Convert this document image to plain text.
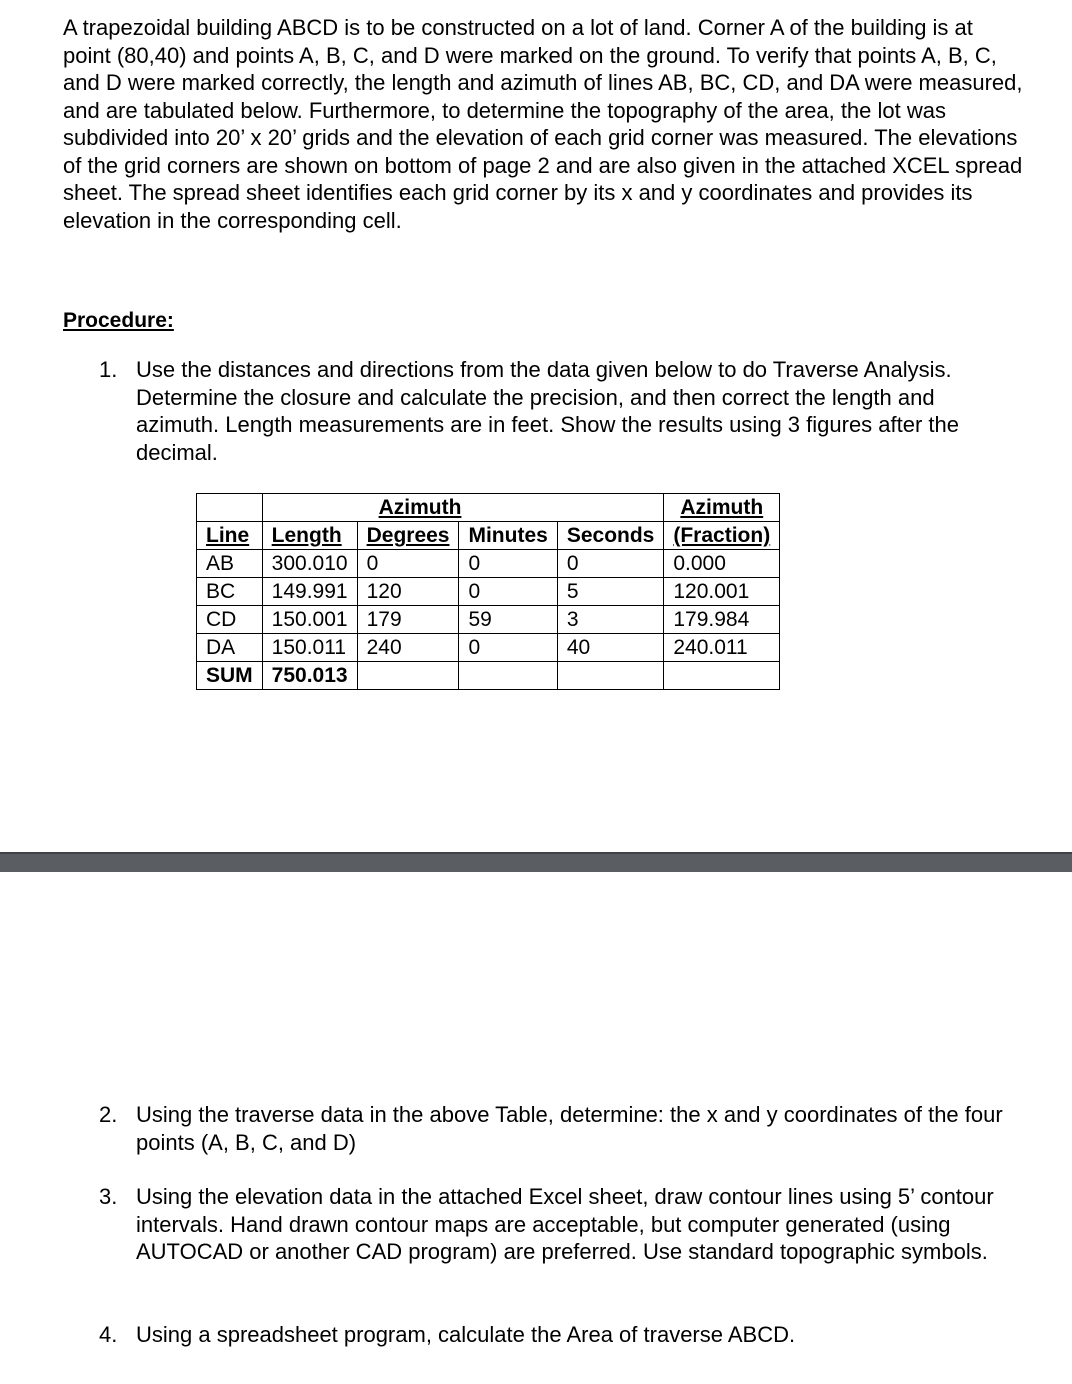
A trapezoidal building ABCD is to be constructed on a lot of land. Corner A of the building is at point (80,40) and points A, B, C, and D were marked on the ground. To verify that points A, B, C, and D were marked correctly, the length and azimuth of lines AB, BC, CD, and DA were measured, and are tabulated below. Furthermore, to determine the topography of the area, the lot was subdivided into 20’ x 20’ grids and the elevation of each grid corner was measured. The elevations of the grid corners are shown on bottom of page 2 and are also given in the attached XCEL spread sheet. The spread sheet identifies each grid corner by its x and y coordinates and provides its elevation in the corresponding cell.

Procedure:

1. Use the distances and directions from the data given below to do Traverse Analysis. Determine the closure and calculate the precision, and then correct the length and azimuth. Length measurements are in feet. Show the results using 3 figures after the decimal.
	Azimuth				Azimuth
Line	Length	Degrees	Minutes	Seconds	(Fraction)
AB	300.010	0	0	0	0.000
BC	149.991	120	0	5	120.001
CD	150.001	179	59	3	179.984
DA	150.011	240	0	40	240.011
SUM	750.013				
2. Using the traverse data in the above Table, determine: the x and y coordinates of the four points (A, B, C, and D)
3. Using the elevation data in the attached Excel sheet, draw contour lines using 5’ contour intervals. Hand drawn contour maps are acceptable, but computer generated (using AUTOCAD or another CAD program) are preferred. Use standard topographic symbols.
4. Using a spreadsheet program, calculate the Area of traverse ABCD.
